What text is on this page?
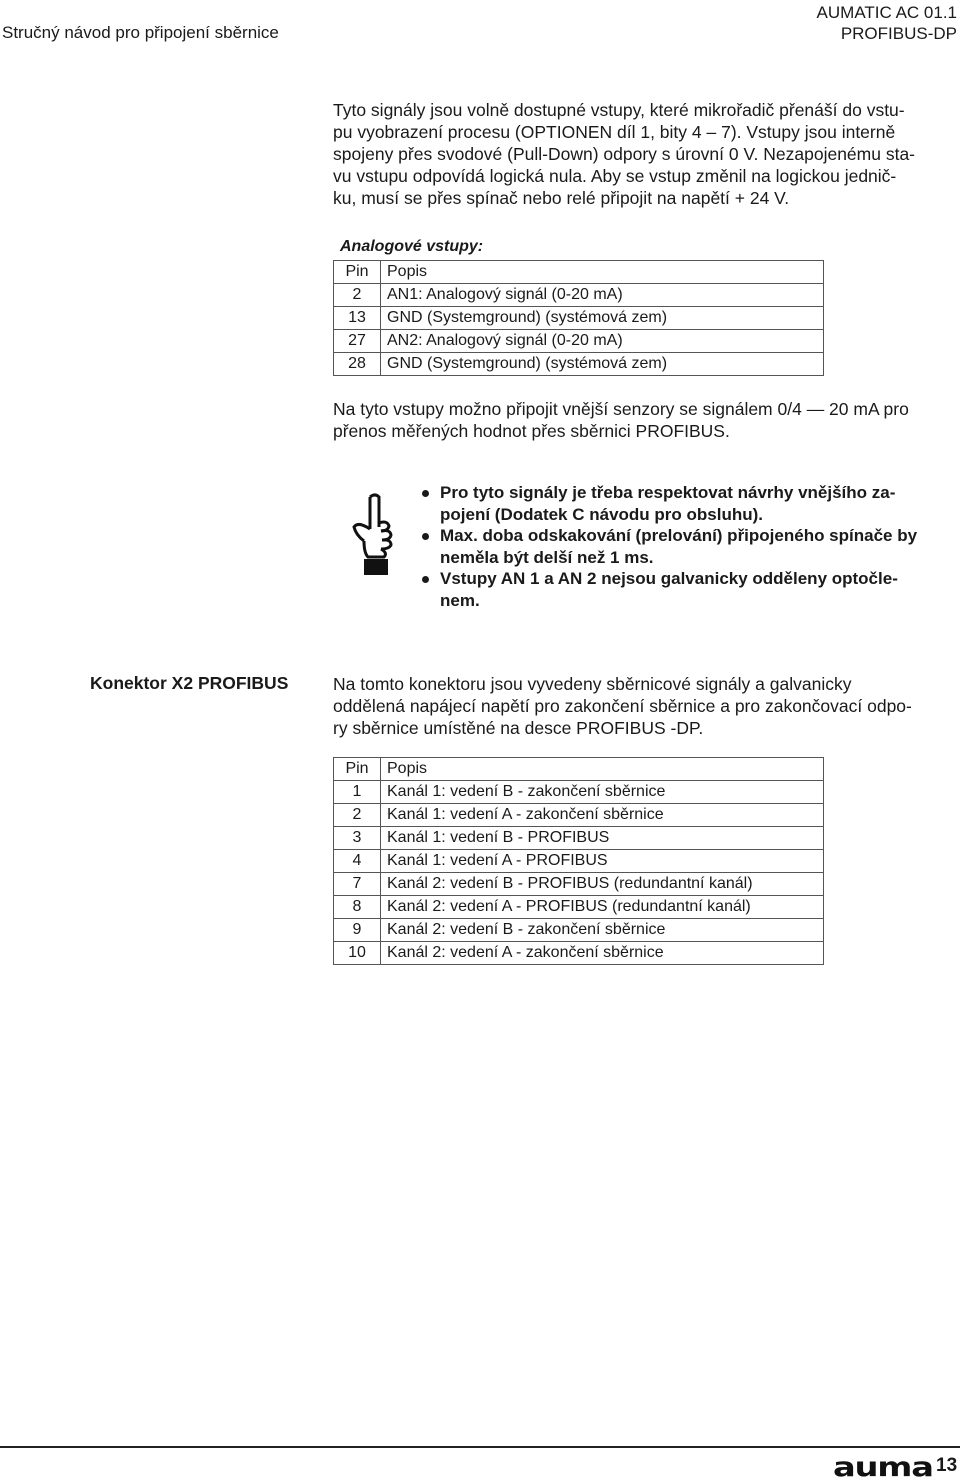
Stručný návod pro připojení sběrnice
AUMATIC AC 01.1
PROFIBUS-DP

Tyto signály jsou volně dostupné vstupy, které mikrořadič přenáší do vstu-

pu vyobrazení procesu (OPTIONEN díl 1, bity 4 – 7). Vstupy jsou interně

spojeny přes svodové (Pull-Down) odpory s úrovní 0 V. Nezapojenému sta-

vu vstupu odpovídá logická nula. Aby se vstup změnil na logickou jednič-

ku, musí se přes spínač nebo relé připojit na napětí + 24 V.

Analogové vstupy:
Pin	Popis
2	AN1: Analogový signál (0-20 mA)
13	GND (Systemground) (systémová zem)
27	AN2: Analogový signál (0-20 mA)
28	GND (Systemground) (systémová zem)
Na tyto vstupy možno připojit vnější senzory se signálem 0/4 — 20 mA pro
přenos měřených hodnot přes sběrnici PROFIBUS.
Pro tyto signály je třeba respektovat návrhy vnějšího za-
pojení (Dodatek C návodu pro obsluhu).
Max. doba odskakování (prelování) připojeného spínače by
neměla být delší než 1 ms.
Vstupy AN 1 a AN 2 nejsou galvanicky odděleny optočle-
nem.
Konektor X2 PROFIBUS	Na tomto konektoru jsou vyvedeny sběrnicové signály a galvanicky
oddělená napájecí napětí pro zakončení sběrnice a pro zakončovací odpo-
ry sběrnice umístěné na desce PROFIBUS -DP.
Pin	Popis
1	Kanál 1: vedení B - zakončení sběrnice
2	Kanál 1: vedení A - zakončení sběrnice
3	Kanál 1: vedení B - PROFIBUS
4	Kanál 1: vedení A - PROFIBUS
7	Kanál 2: vedení B - PROFIBUS (redundantní kanál)
8	Kanál 2: vedení A - PROFIBUS (redundantní kanál)
9	Kanál 2: vedení B - zakončení sběrnice
10	Kanál 2: vedení A - zakončení sběrnice
auma 13
